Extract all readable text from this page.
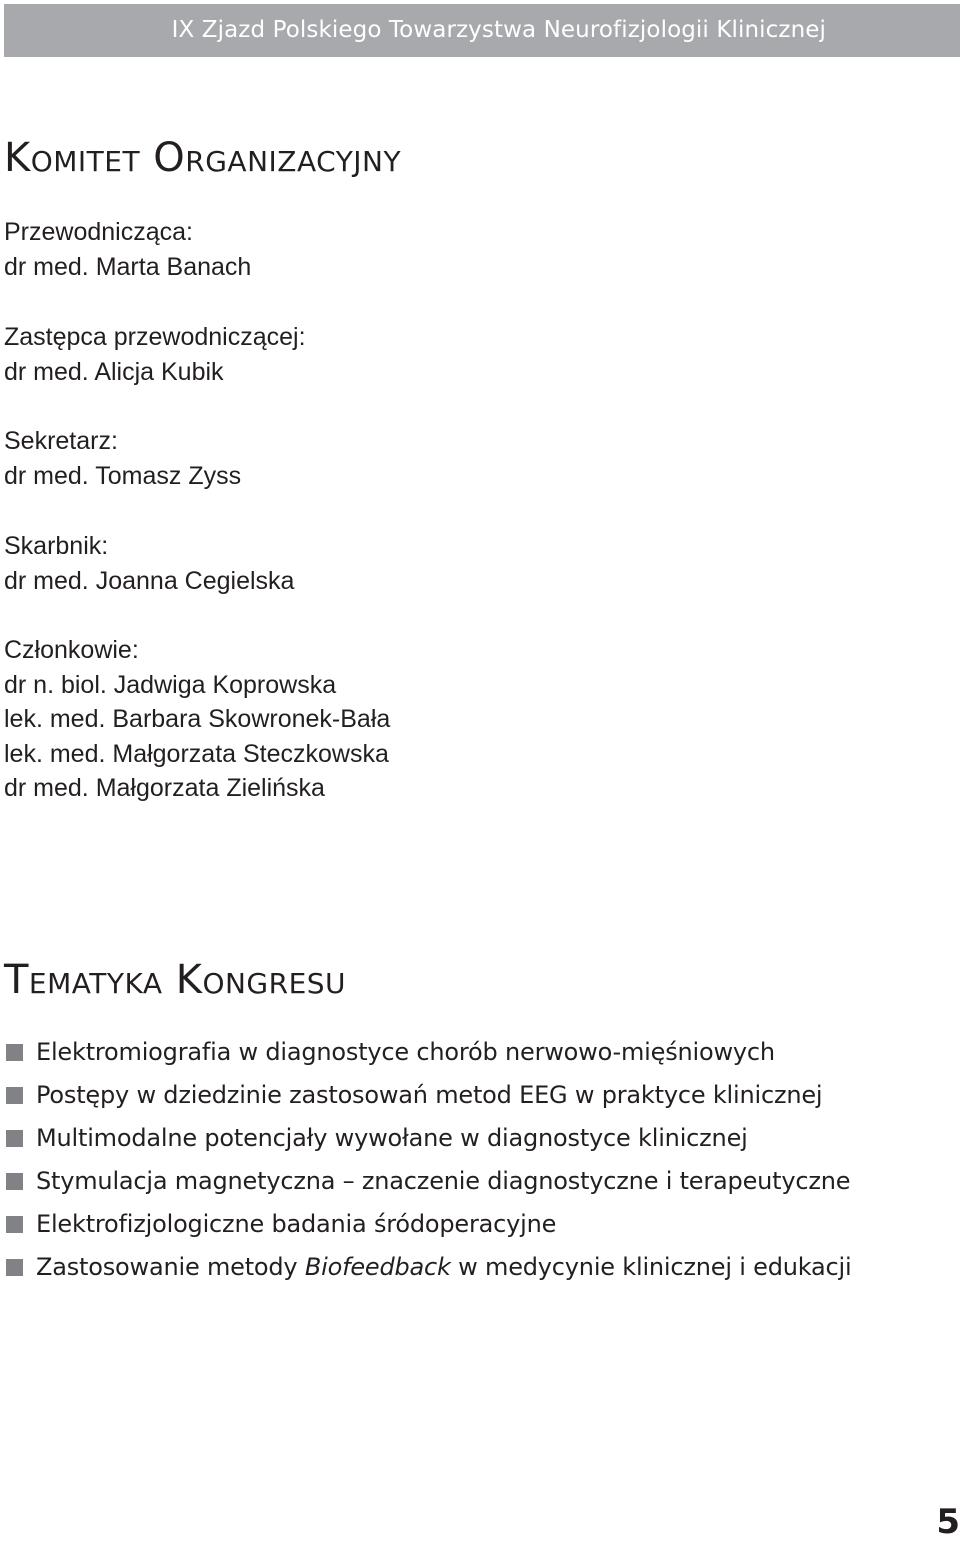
IX Zjazd Polskiego Towarzystwa Neurofizjologii Klinicznej
Komitet Organizacyjny
Przewodnicząca:
dr med. Marta Banach
Zastępca przewodniczącej:
dr med. Alicja Kubik
Sekretarz:
dr med. Tomasz Zyss
Skarbnik:
dr med. Joanna Cegielska
Członkowie:
dr n. biol. Jadwiga Koprowska
lek. med. Barbara Skowronek-Bała
lek. med. Małgorzata Steczkowska
dr med. Małgorzata Zielińska
Tematyka Kongresu
Elektromiografia w diagnostyce chorób nerwowo-mięśniowych
Postępy w dziedzinie zastosowań metod EEG w praktyce klinicznej
Multimodalne potencjały wywołane w diagnostyce klinicznej
Stymulacja magnetyczna – znaczenie diagnostyczne i terapeutyczne
Elektrofizjologiczne badania śródoperacyjne
Zastosowanie metody Biofeedback w medycynie klinicznej i edukacji
5
